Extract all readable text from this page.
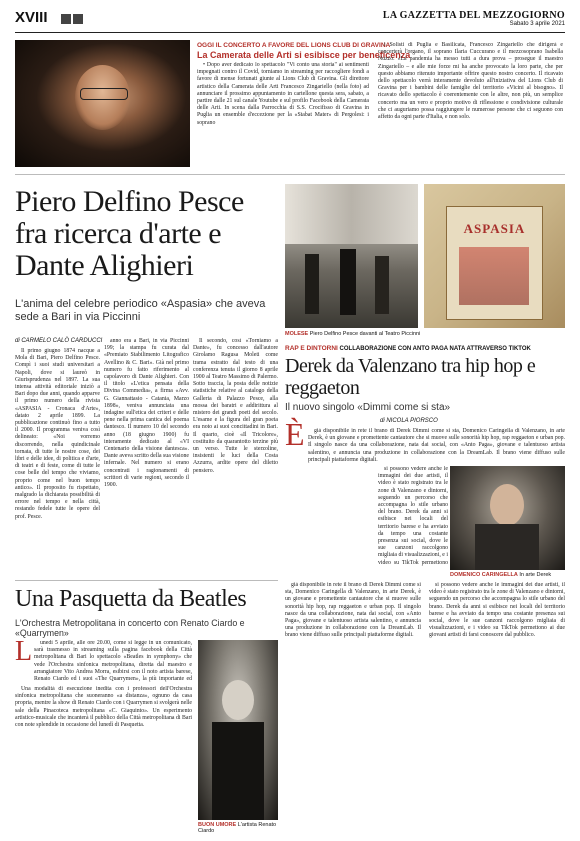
XVIII	LA GAZZETTA DEL MEZZOGIORNO
Sabato 3 aprile 2021
OGGI IL CONCERTO A FAVORE DEL LIONS CLUB DI GRAVINA
La Camerata delle Arti si esibisce per beneficenza

• Dopo aver dedicato lo spettacolo "Vi conto una storia" ai sentimenti impegnati contro il Covid, torniamo in streaming per raccogliere fondi a favore di mense fortunati giunte al Lions Club di Gravina. Gli direttore artistico della Camerata delle Arti Francesco Zingariello (nella foto) ad annunciare il prossimo appuntamento in cartellone questa sera, sabato, a partire dalle 21 sul canale Youtube e sul profilo Facebook della Camerata delle Arti. In scena dalla Parrocchia di S.S. Crocifisso di Gravina in Puglia un ensemble d'eccezione per la «Stabat Mater» di Pergolesi: i soprano

i Solisti di Puglia e Basilicata, Francesco Zingariello che dirigerà e concerterà l'organo, il soprano Ilaria Cuccurano e il mezzosoprano Isabella Nuzzo. «La pandemia ha messo tutti a dura prova – prosegue il maestro Zingariello – e alle mie forze mi ha anche provocato la loro parte, che per questo abbiamo ritenuto importante offrire questo nostro concerto. Il ricavato dello spettacolo verrà interamente devoluto all'iniziativa del Lions Club di Gravina per i bambini delle famiglie del territorio «Vicini al bisogno». Il ricavato dello spettacolo è coerentemente con le altre, non più, un semplice concerto ma un vero e proprio motivo di riflessione e condivisione culturale che ci auguriamo possa raggiungere le numerose persone che ci seguono con affetto da ogni parte d'Italia, e non solo.

Piero Delfino Pesce fra ricerca d'arte e Dante Alighieri
L'anima del celebre periodico «Aspasia» che aveva sede a Bari in via Piccinni
ASPASIA
MOLESE Piero Delfino Pesce davanti al Teatro Piccinni
di CARMELO CALÒ CARDUCCI

Il primo giugno 1874 nacque a Mola di Bari, Piero Delfino Pesce. Compì i suoi studi universitari a Napoli, dove si laureò in Giurisprudenza nel 1897. La sua intensa attività editoriale iniziò a Bari dopo due anni, quando apparve il primo numero della rivista «ASPASIA - Cronaca d'Arte», datato 2 aprile 1899. La pubblicazione continuò fino a tutto il 2000. Il programma veniva così delineato: «Noi vorremo discorrendo, nella quindicinale tornata, di tutte le nostre cose, dei libri e delle idee, di politica e d'arte, di teatri e di feste, come di tutte le cose belle del tempo che viviamo, proprio come nel buon tempo antico». Il proposito fu rispettato, malgrado la dichiarata possibilità di errore nel tempo e nella città, restando fedele tutte le opere del prof. Pesce.

anno era a Bari, in via Piccinni 199; la stampa fu curata dal «Premiato Stabilimento Litografico Avellino & C. Bari». Già nel primo numero fu fatto riferimento al capolavoro di Dante Alighieri. Con il titolo «L'etica pensata della Divina Commedia», a firma «Avv. G. Giannattasio - Catania, Marzo 1898», veniva annunciata una indagine sull'etica dei criteri e delle pene nella prima cantica del poema dantesco. Il numero 10 del secondo anno (18 giugno 1900) fu interamente dedicato al «VI Centenario della visione dantesca». Dante aveva scritto della sua visione infernale. Nel numero si erano concentrati i ragionamenti di scrittori di varie regioni, secondo il 1900.

Il secondo, così «Torniamo a Dante», fu concesso dall'autore Girolamo Ragusa Moleti come trama estratto dal testo di una conferenza tenuta il giorno 8 aprile 1900 al Teatro Massimo di Palermo. Sotto traccia, la posta delle notizie statistiche relative al catalogo della Galleria di Palazzo Pesce, alla mossa dei baratri e addirittura al mistero dei grandi poeti del secolo. L'esame e la figura del gran poeta era noto ai suoi concittadini in Bari. Il quarto, cioè «Il Tricolore», costituito da quarantotto terzine più un verso. Tutte le sterzoline, insistenti le luci della Costa Azzurra, ardite opere del diletto pensiero.

RAP E DINTORNI COLLABORAZIONE CON ANTO PAGA NATA ATTRAVERSO TIKTOK
Derek da Valenzano tra hip hop e reggaeton
Il nuovo singolo «Dimmi come si sta»
di NICOLA PIORSCO
È	già disponibile in rete il brano di Derek Dimmi come si sta, Domenico Caringella di Valenzano, in arte Derek, è un giovane e promettente cantautore che si muove sulle sonorità hip hop, rap reggaeton e urban pop. Il singolo nasce da una collaborazione, nata dai social, con «Anto Paga», giovane e talentuoso artista salentino, e annuncia una produzione in collaborazione con la DreamLab. Il brano viene diffuso sulle principali piattaforme digitali.

si possono vedere anche le immagini dei due artisti, il video è stato registrato tra le zone di Valenzano e dintorni, seguendo un percorso che accompagna lo stile urbano del brano. Derek da anni si esibisce nei locali del territorio barese e ha avviato da tempo una costante presenza sui social, dove le sue canzoni raccolgono migliaia di visualizzazioni, e i video su TikTok permettono

DOMENICO CARINGELLA In arte Derek
Una Pasquetta da Beatles
L'Orchestra Metropolitana in concerto con Renato Ciardo e «Quarrymen»
L	unedì 5 aprile, alle ore 20.00, come si legge in un comunicato, sarà trasmesso in streaming sulla pagina facebook della Città metropolitana di Bari lo spettacolo «Beatles in symphony» che vede l'Orchestra sinfonica metropolitana, diretta dal maestro e arrangiatore Vito Andrea Morra, esibirsi con il noto artista barese, Renato Ciardo ed i suoi «The Quarrymen», la più importante ed

Una modalità di esecuzione inedita con i professori dell'Orchestra sinfonica metropolitana che suoneranno «a distanza», ognuno da casa propria, mentre la show di Renato Ciardo con i Quarrymen si svolgerà nelle sale della Pinacoteca metropolitana «C. Giaquinto». Un esperimento artistico-musicale che incanterà il pubblico della Città metropolitana di Bari con note splendide in occasione del lunedì di Pasquetta.

BUON UMORE L'artista Renato Ciardo

già disponibile in rete il brano di Derek Dimmi come si sta, Domenico Caringella di Valenzano, in arte Derek, è un giovane e promettente cantautore che si muove sulle sonorità hip hop, rap reggaeton e urban pop. Il singolo nasce da una collaborazione, nata dai social, con «Anto Paga», giovane e talentuoso artista salentino, e annuncia una produzione in collaborazione con la DreamLab. Il brano viene diffuso sulle principali piattaforme digitali.

si possono vedere anche le immagini dei due artisti, il video è stato registrato tra le zone di Valenzano e dintorni, seguendo un percorso che accompagna lo stile urbano del brano. Derek da anni si esibisce nei locali del territorio barese e ha avviato da tempo una costante presenza sui social, dove le sue canzoni raccolgono migliaia di visualizzazioni, e i video su TikTok permettono ai due giovani artisti di farsi conoscere dal pubblico.
